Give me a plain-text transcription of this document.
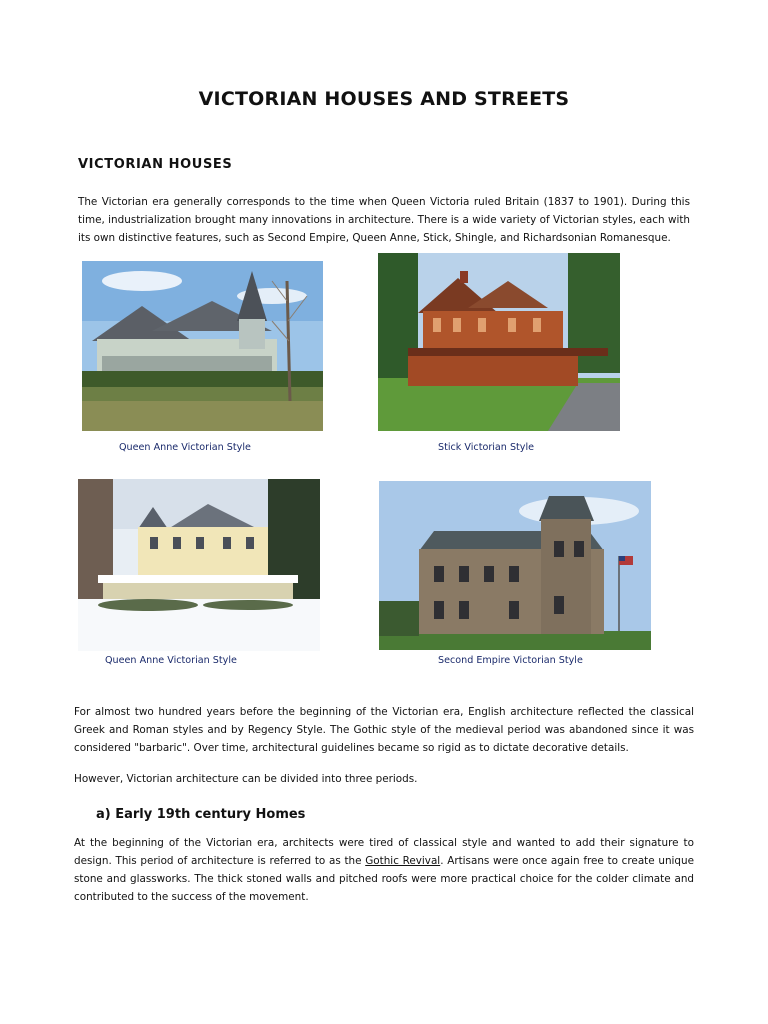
VICTORIAN HOUSES AND STREETS
VICTORIAN HOUSES
The Victorian era generally corresponds to the time when Queen Victoria ruled Britain (1837 to 1901). During this time, industrialization brought many innovations in architecture. There is a wide variety of Victorian styles, each with its own distinctive features, such as Second Empire, Queen Anne, Stick, Shingle, and Richardsonian Romanesque.
Queen Anne Victorian Style	Stick Victorian Style
Queen Anne Victorian Style	Second Empire Victorian Style
For almost two hundred years before the beginning of the Victorian era, English architecture reflected the classical Greek and Roman styles and by Regency Style. The Gothic style of the medieval period was abandoned since it was considered "barbaric". Over time, architectural guidelines became so rigid as to dictate decorative details.
However, Victorian architecture can be divided into three periods.
a) Early 19th century Homes
At the beginning of the Victorian era, architects were tired of classical style and wanted to add their signature to design. This period of architecture is referred to as the Gothic Revival. Artisans were once again free to create unique stone and glassworks. The thick stoned walls and pitched roofs were more practical choice for the colder climate and contributed to the success of the movement.
